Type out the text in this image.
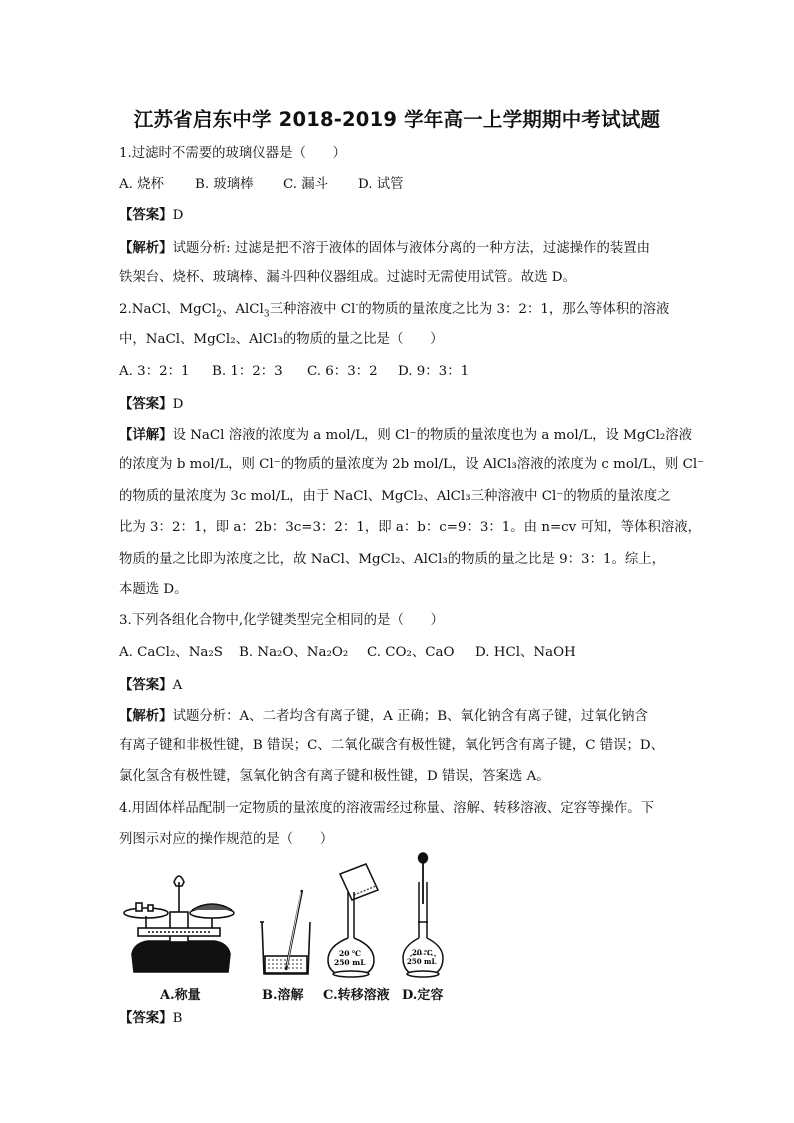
江苏省启东中学 2018-2019 学年高一上学期期中考试试题
1.过滤时不需要的玻璃仪器是（　　）
A. 烧杯 B. 玻璃棒 C. 漏斗 D. 试管
【答案】D
【解析】试题分析: 过滤是把不溶于液体的固体与液体分离的一种方法，过滤操作的装置由
铁架台、烧杯、玻璃棒、漏斗四种仪器组成。过滤时无需使用试管。故选 D。
2.NaCl、MgCl$_2$、AlCl$_3$三种溶液中 Cl-的物质的量浓度之比为 3：2：1，那么等体积的溶液
中，NaCl、MgCl₂、AlCl₃的物质的量之比是（　　）
A. 3：2：1 B. 1：2：3 C. 6：3：2 D. 9：3：1
【答案】D
【详解】设 NaCl 溶液的浓度为 a mol/L，则 Cl⁻的物质的量浓度也为 a mol/L，设 MgCl₂溶液
的浓度为 b mol/L，则 Cl⁻的物质的量浓度为 2b mol/L，设 AlCl₃溶液的浓度为 c mol/L，则 Cl⁻
的物质的量浓度为 3c mol/L，由于 NaCl、MgCl₂、AlCl₃三种溶液中 Cl⁻的物质的量浓度之
比为 3：2：1，即 a：2b：3c=3：2：1，即 a：b：c=9：3：1。由 n=cv 可知，等体积溶液，
物质的量之比即为浓度之比，故 NaCl、MgCl₂、AlCl₃的物质的量之比是 9：3：1。综上，
本题选 D。
3.下列各组化合物中,化学键类型完全相同的是（　　）
A. CaCl₂、Na₂S B. Na₂O、Na₂O₂ C. CO₂、CaO D. HCl、NaOH
【答案】A
【解析】试题分析：A、二者均含有离子键，A 正确；B、氧化钠含有离子键，过氧化钠含
有离子键和非极性键，B 错误；C、二氧化碳含有极性键，氧化钙含有离子键，C 错误；D、
氯化氢含有极性键，氢氧化钠含有离子键和极性键，D 错误，答案选 A。
4.用固体样品配制一定物质的量浓度的溶液需经过称量、溶解、转移溶液、定容等操作。下
列图示对应的操作规范的是（　　）
20 ℃
250 mL
20 ℃
250 mL
A.称量	B.溶解 C.转移溶液 D.定容
【答案】B
